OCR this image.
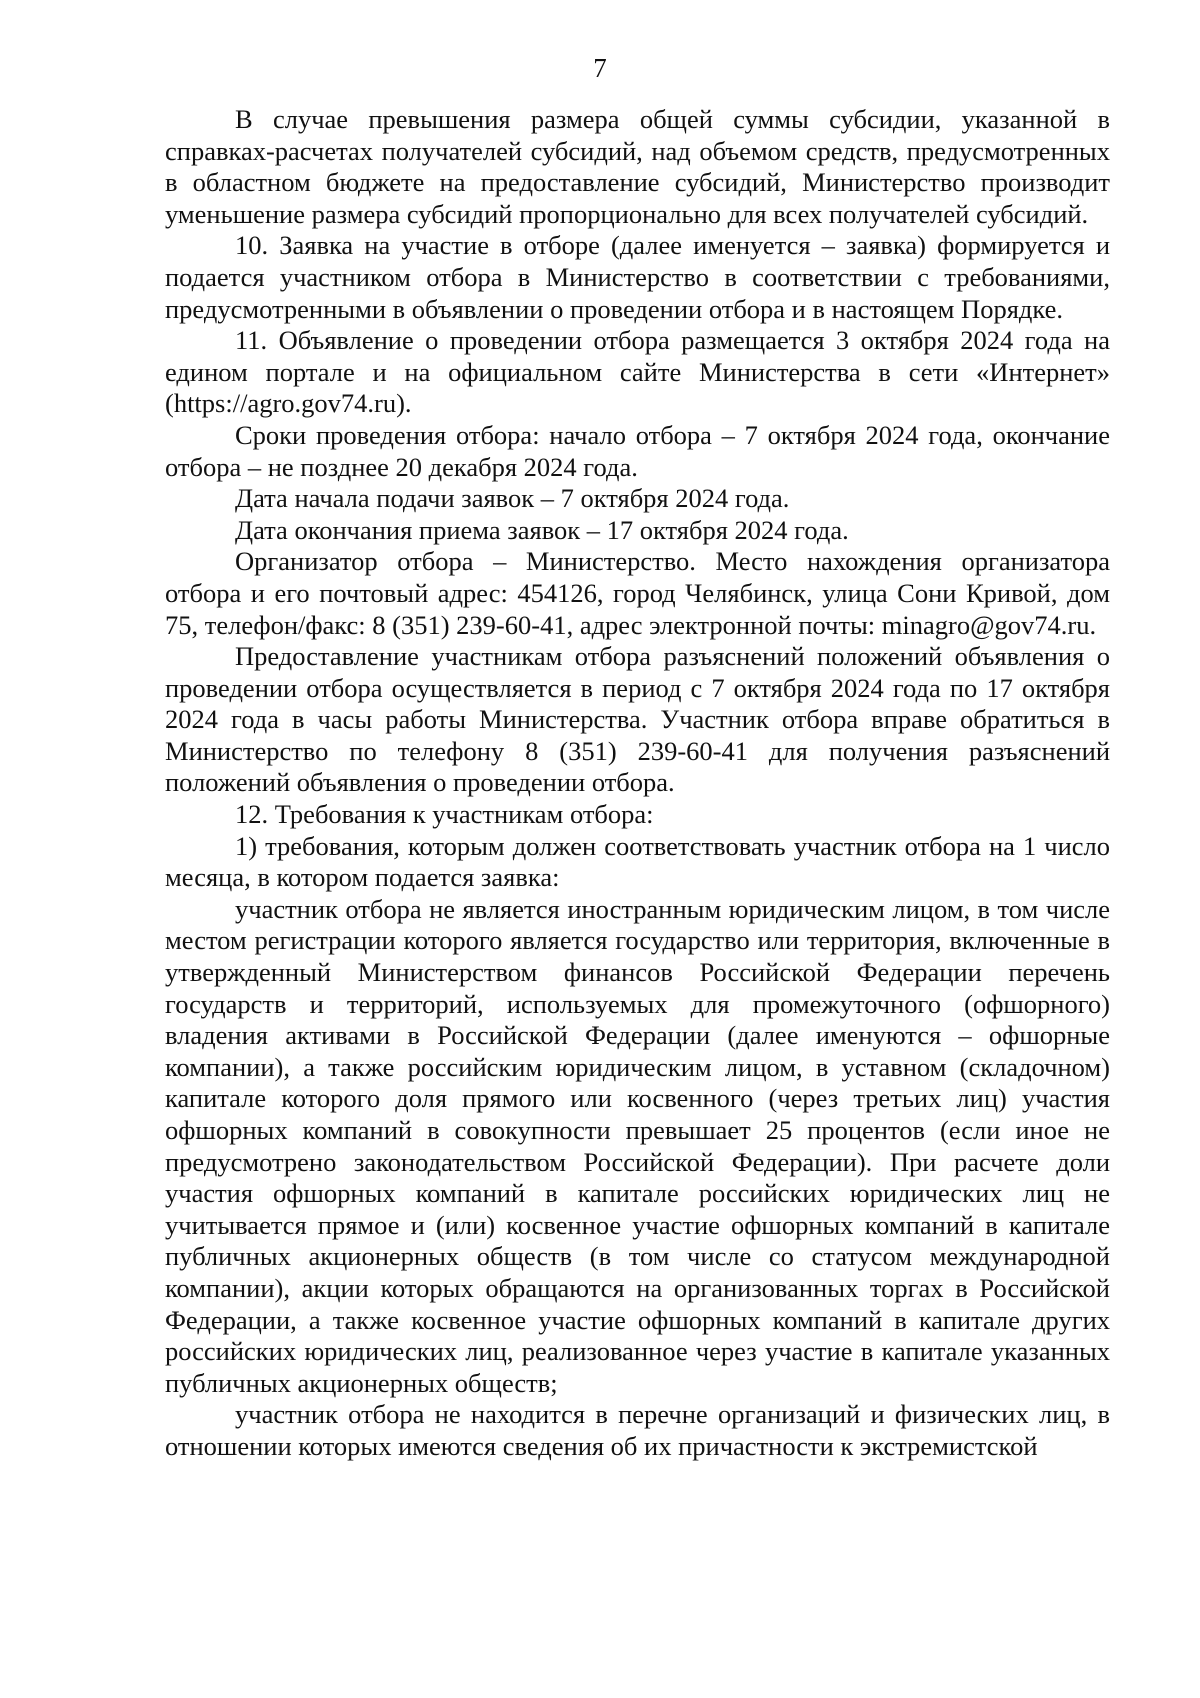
7

В случае превышения размера общей суммы субсидии, указанной в справках-расчетах получателей субсидий, над объемом средств, предусмотренных в областном бюджете на предоставление субсидий, Министерство производит уменьшение размера субсидий пропорционально для всех получателей субсидий.

10. Заявка на участие в отборе (далее именуется – заявка) формируется и подается участником отбора в Министерство в соответствии с требованиями, предусмотренными в объявлении о проведении отбора и в настоящем Порядке.

11. Объявление о проведении отбора размещается 3 октября 2024 года на едином портале и на официальном сайте Министерства в сети «Интернет» (https://agro.gov74.ru).

Сроки проведения отбора: начало отбора – 7 октября 2024 года, окончание отбора – не позднее 20 декабря 2024 года.

Дата начала подачи заявок – 7 октября 2024 года.

Дата окончания приема заявок – 17 октября 2024 года.

Организатор отбора – Министерство. Место нахождения организатора отбора и его почтовый адрес: 454126, город Челябинск, улица Сони Кривой, дом 75, телефон/факс: 8 (351) 239-60-41, адрес электронной почты: minagro@gov74.ru.

Предоставление участникам отбора разъяснений положений объявления о проведении отбора осуществляется в период с 7 октября 2024 года по 17 октября 2024 года в часы работы Министерства. Участник отбора вправе обратиться в Министерство по телефону 8 (351) 239-60-41 для получения разъяснений положений объявления о проведении отбора.

12. Требования к участникам отбора:

1) требования, которым должен соответствовать участник отбора на 1 число месяца, в котором подается заявка:

участник отбора не является иностранным юридическим лицом, в том числе местом регистрации которого является государство или территория, включенные в утвержденный Министерством финансов Российской Федерации перечень государств и территорий, используемых для промежуточного (офшорного) владения активами в Российской Федерации (далее именуются – офшорные компании), а также российским юридическим лицом, в уставном (складочном) капитале которого доля прямого или косвенного (через третьих лиц) участия офшорных компаний в совокупности превышает 25 процентов (если иное не предусмотрено законодательством Российской Федерации). При расчете доли участия офшорных компаний в капитале российских юридических лиц не учитывается прямое и (или) косвенное участие офшорных компаний в капитале публичных акционерных обществ (в том числе со статусом международной компании), акции которых обращаются на организованных торгах в Российской Федерации, а также косвенное участие офшорных компаний в капитале других российских юридических лиц, реализованное через участие в капитале указанных публичных акционерных обществ;

участник отбора не находится в перечне организаций и физических лиц, в отношении которых имеются сведения об их причастности к экстремистской
